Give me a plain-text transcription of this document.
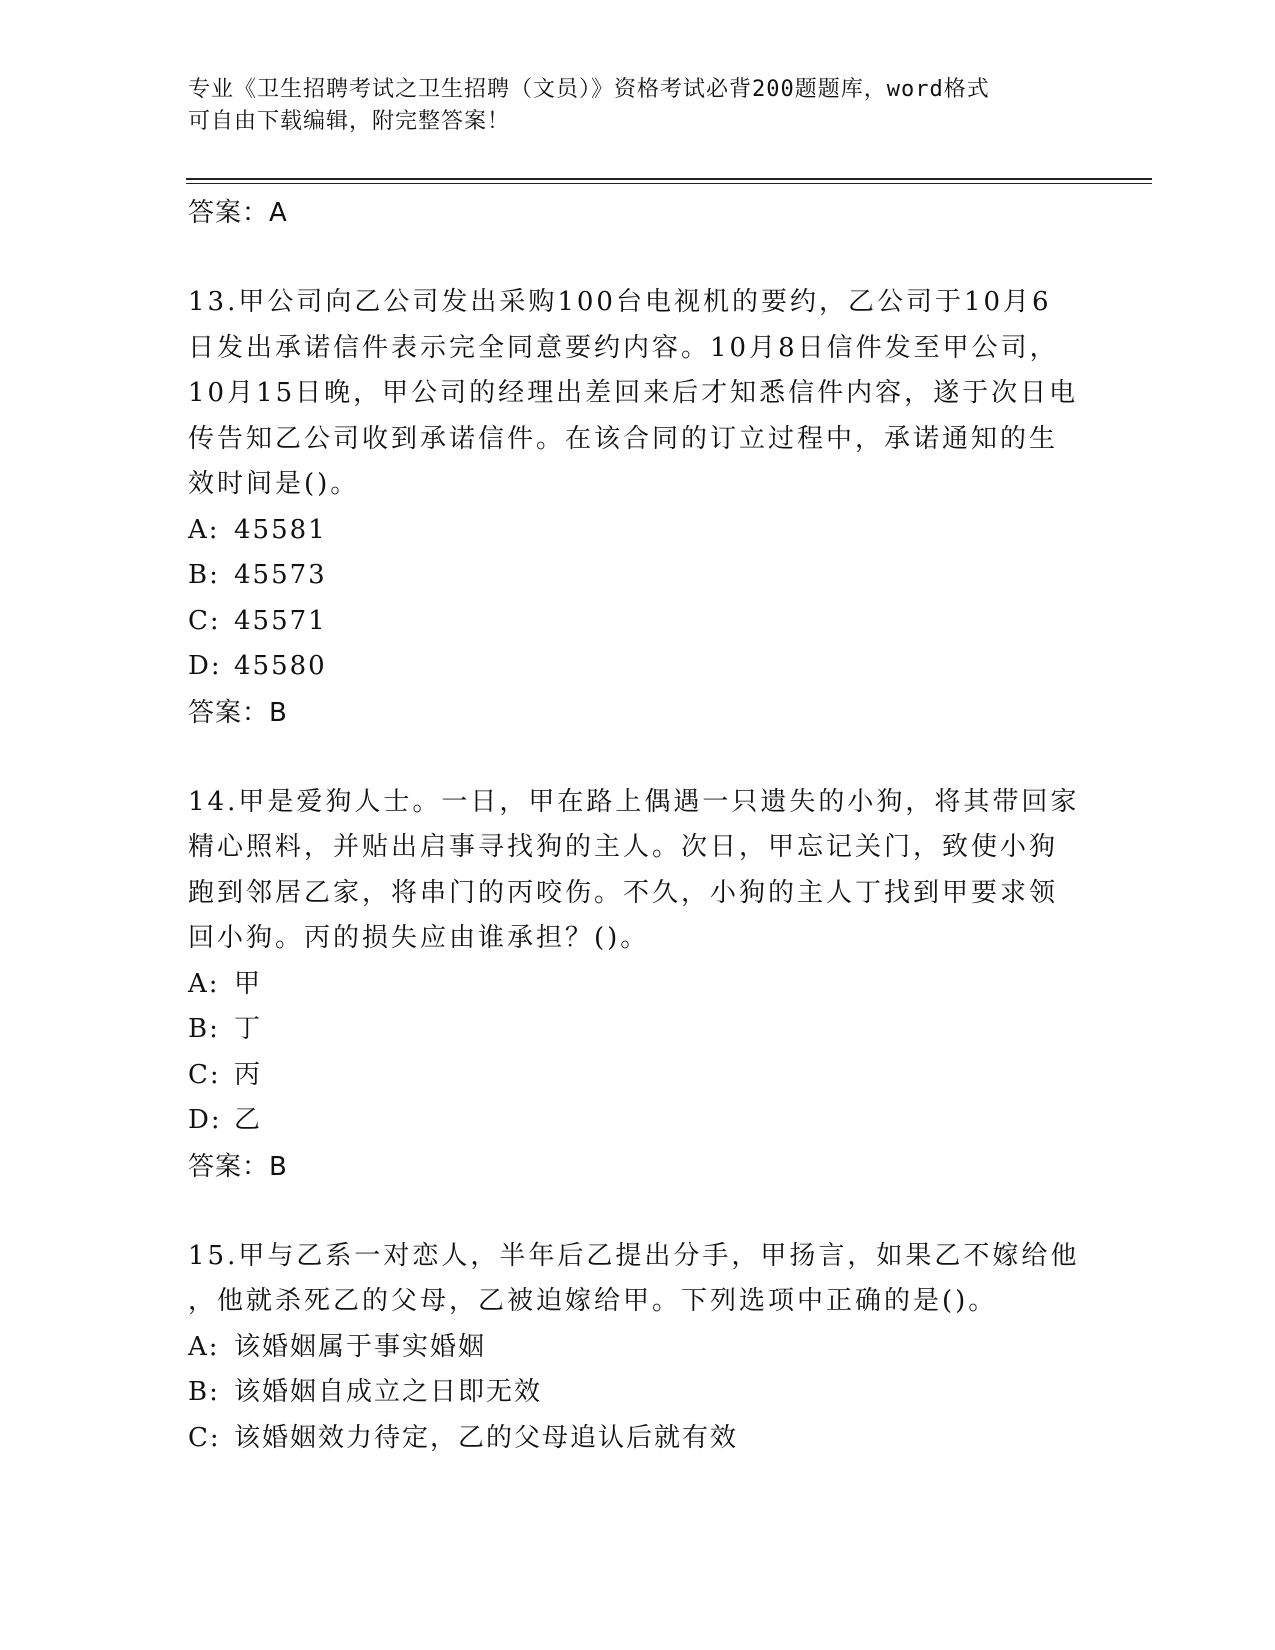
专业《卫生招聘考试之卫生招聘（文员）》资格考试必背200题题库，word格式
可自由下载编辑，附完整答案！

答案：A

13.甲公司向乙公司发出采购100台电视机的要约，乙公司于10月6

日发出承诺信件表示完全同意要约内容。10月8日信件发至甲公司，

10月15日晚，甲公司的经理出差回来后才知悉信件内容，遂于次日电

传告知乙公司收到承诺信件。在该合同的订立过程中，承诺通知的生

效时间是()。

A: 45581

B: 45573

C: 45571

D: 45580

答案：B

14.甲是爱狗人士。一日，甲在路上偶遇一只遗失的小狗，将其带回家

精心照料，并贴出启事寻找狗的主人。次日，甲忘记关门，致使小狗

跑到邻居乙家，将串门的丙咬伤。不久，小狗的主人丁找到甲要求领

回小狗。丙的损失应由谁承担？()。

A: 甲

B: 丁

C: 丙

D: 乙

答案：B

15.甲与乙系一对恋人，半年后乙提出分手，甲扬言，如果乙不嫁给他

，他就杀死乙的父母，乙被迫嫁给甲。下列选项中正确的是()。

A: 该婚姻属于事实婚姻

B: 该婚姻自成立之日即无效

C: 该婚姻效力待定，乙的父母追认后就有效
